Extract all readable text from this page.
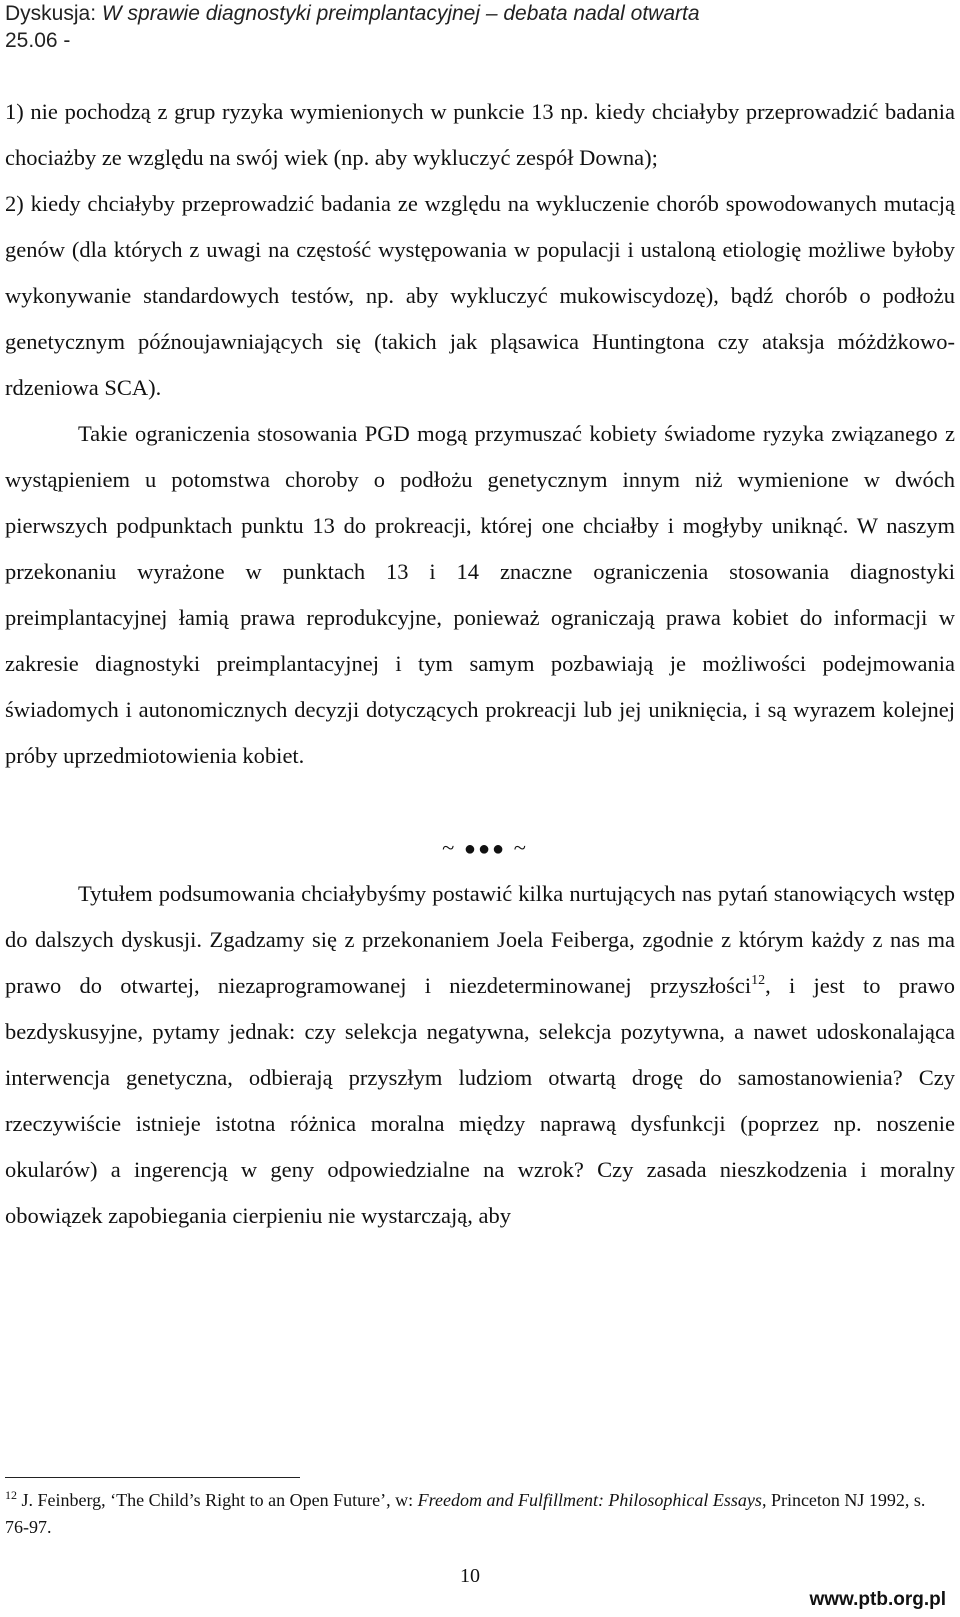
Dyskusja: W sprawie diagnostyki preimplantacyjnej – debata nadal otwarta
25.06 -

1) nie pochodzą z grup ryzyka wymienionych w punkcie 13 np. kiedy chciałyby przeprowadzić badania chociażby ze względu na swój wiek (np. aby wykluczyć zespół Downa);

2) kiedy chciałyby przeprowadzić badania ze względu na wykluczenie chorób spowodowanych mutacją genów (dla których z uwagi na częstość występowania w populacji i ustaloną etiologię możliwe byłoby wykonywanie standardowych testów, np. aby wykluczyć mukowiscydozę), bądź chorób o podłożu genetycznym późnoujawniających się (takich jak pląsawica Huntingtona czy ataksja móżdżkowo-rdzeniowa SCA).

Takie ograniczenia stosowania PGD mogą przymuszać kobiety świadome ryzyka związanego z wystąpieniem u potomstwa choroby o podłożu genetycznym innym niż wymienione w dwóch pierwszych podpunktach punktu 13 do prokreacji, której one chciałby i mogłyby uniknąć. W naszym przekonaniu wyrażone w punktach 13 i 14 znaczne ograniczenia stosowania diagnostyki preimplantacyjnej łamią prawa reprodukcyjne, ponieważ ograniczają prawa kobiet do informacji w zakresie diagnostyki preimplantacyjnej i tym samym pozbawiają je możliwości podejmowania świadomych i autonomicznych decyzji dotyczących prokreacji lub jej uniknięcia, i są wyrazem kolejnej próby uprzedmiotowienia kobiet.

~ ●●● ~

Tytułem podsumowania chciałybyśmy postawić kilka nurtujących nas pytań stanowiących wstęp do dalszych dyskusji. Zgadzamy się z przekonaniem Joela Feiberga, zgodnie z którym każdy z nas ma prawo do otwartej, niezaprogramowanej i niezdeterminowanej przyszłości$^{12}$, i jest to prawo bezdyskusyjne, pytamy jednak: czy selekcja negatywna, selekcja pozytywna, a nawet udoskonalająca interwencja genetyczna, odbierają przyszłym ludziom otwartą drogę do samostanowienia? Czy rzeczywiście istnieje istotna różnica moralna między naprawą dysfunkcji (poprzez np. noszenie okularów) a ingerencją w geny odpowiedzialne na wzrok? Czy zasada nieszkodzenia i moralny obowiązek zapobiegania cierpieniu nie wystarczają, aby

$^{12}$ J. Feinberg, ‘The Child’s Right to an Open Future’, w: Freedom and Fulfillment: Philosophical Essays, Princeton NJ 1992, s. 76-97.
10
www.ptb.org.pl
